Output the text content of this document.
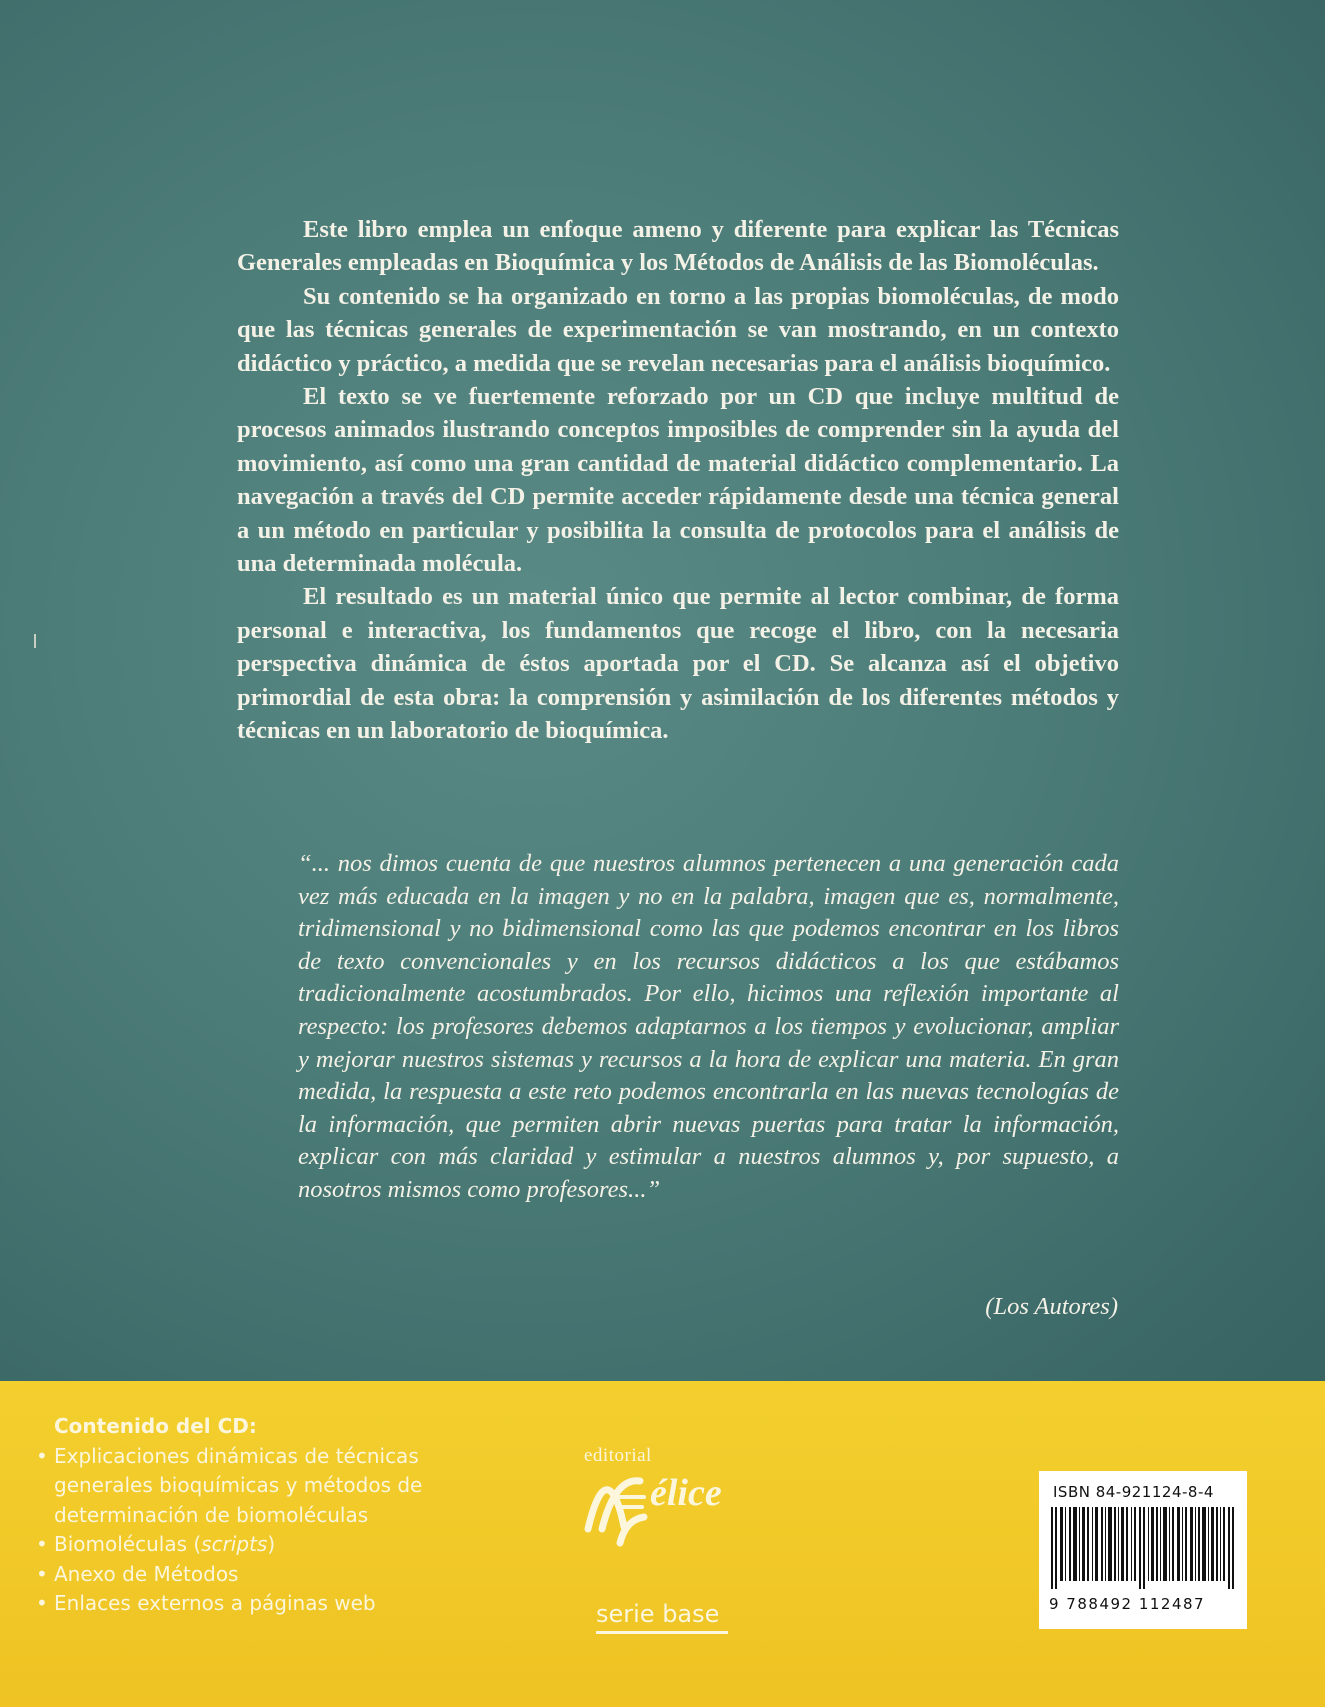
Este libro emplea un enfoque ameno y diferente para explicar las Técnicas Generales empleadas en Bioquímica y los Métodos de Análisis de las Biomoléculas.

Su contenido se ha organizado en torno a las propias biomoléculas, de modo que las técnicas generales de experimentación se van mostrando, en un contexto didáctico y práctico, a medida que se revelan necesarias para el análisis bioquímico.

El texto se ve fuertemente reforzado por un CD que incluye multitud de procesos animados ilustrando conceptos imposibles de comprender sin la ayuda del movimiento, así como una gran cantidad de material didáctico complementario. La navegación a través del CD permite acceder rápidamente desde una técnica general a un método en particular y posibilita la consulta de protocolos para el análisis de una determinada molécula.

El resultado es un material único que permite al lector combinar, de forma personal e interactiva, los fundamentos que recoge el libro, con la necesaria perspectiva dinámica de éstos aportada por el CD. Se alcanza así el objetivo primordial de esta obra: la comprensión y asimilación de los diferentes métodos y técnicas en un laboratorio de bioquímica.

“... nos dimos cuenta de que nuestros alumnos pertenecen a una generación cada vez más educada en la imagen y no en la palabra, imagen que es, normalmente, tridimensional y no bidimensional como las que podemos encontrar en los libros de texto convencionales y en los recursos didácticos a los que estábamos tradicionalmente acostumbrados. Por ello, hicimos una reflexión importante al respecto: los profesores debemos adaptarnos a los tiempos y evolucionar, ampliar y mejorar nuestros sistemas y recursos a la hora de explicar una materia. En gran medida, la respuesta a este reto podemos encontrarla en las nuevas tecnologías de la información, que permiten abrir nuevas puertas para tratar la información, explicar con más claridad y estimular a nuestros alumnos y, por supuesto, a nosotros mismos como profesores...”

(Los Autores)
Contenido del CD:
• Explicaciones dinámicas de técnicas generales bioquímicas y métodos de determinación de biomoléculas
• Biomoléculas (scripts)
• Anexo de Métodos
• Enlaces externos a páginas web
editorial
élice
serie base
ISBN 84-921124-8-4
9 788492 112487
